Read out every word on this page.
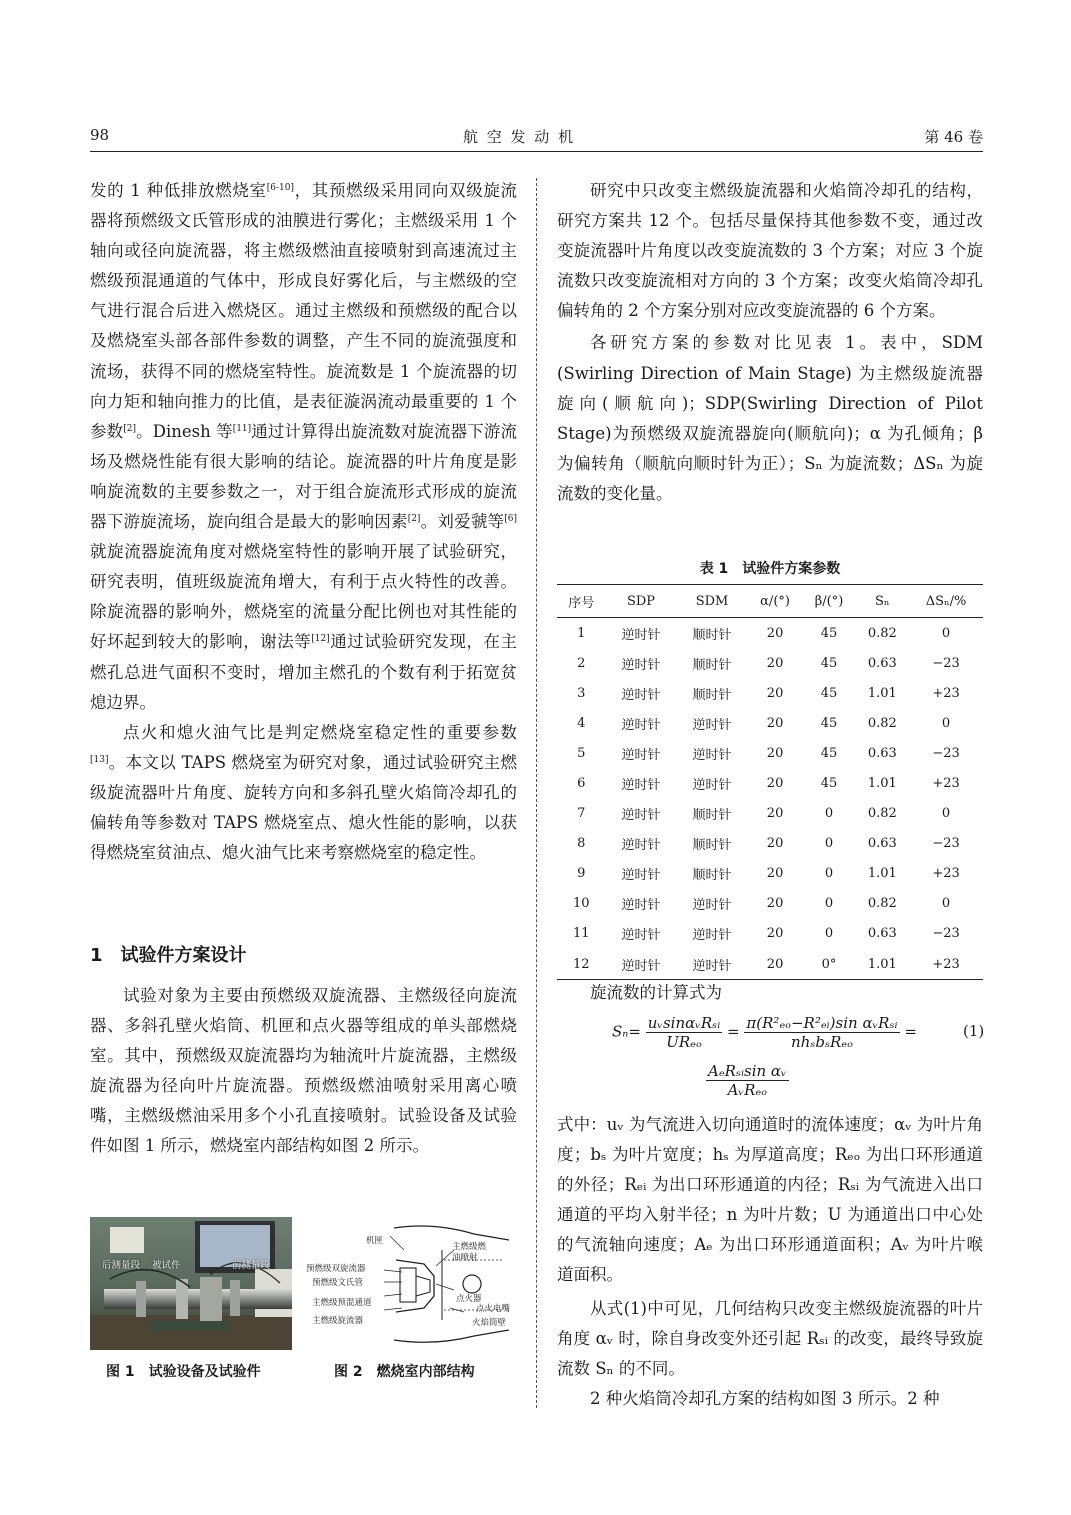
98	航 空 发 动 机	第 46 卷

发的 1 种低排放燃烧室[6-10]，其预燃级采用同向双级旋流器将预燃级文氏管形成的油膜进行雾化；主燃级采用 1 个轴向或径向旋流器，将主燃级燃油直接喷射到高速流过主燃级预混通道的气体中，形成良好雾化后，与主燃级的空气进行混合后进入燃烧区。通过主燃级和预燃级的配合以及燃烧室头部各部件参数的调整，产生不同的旋流强度和流场，获得不同的燃烧室特性。旋流数是 1 个旋流器的切向力矩和轴向推力的比值，是表征漩涡流动最重要的 1 个参数[2]。Dinesh 等[11]通过计算得出旋流数对旋流器下游流场及燃烧性能有很大影响的结论。旋流器的叶片角度是影响旋流数的主要参数之一，对于组合旋流形式形成的旋流器下游旋流场，旋向组合是最大的影响因素[2]。刘爱虢等[6]就旋流器旋流角度对燃烧室特性的影响开展了试验研究，研究表明，值班级旋流角增大，有利于点火特性的改善。除旋流器的影响外，燃烧室的流量分配比例也对其性能的好坏起到较大的影响，谢法等[12]通过试验研究发现，在主燃孔总进气面积不变时，增加主燃孔的个数有利于拓宽贫熄边界。

点火和熄火油气比是判定燃烧室稳定性的重要参数[13]。本文以 TAPS 燃烧室为研究对象，通过试验研究主燃级旋流器叶片角度、旋转方向和多斜孔壁火焰筒冷却孔的偏转角等参数对 TAPS 燃烧室点、熄火性能的影响，以获得燃烧室贫油点、熄火油气比来考察燃烧室的稳定性。

1　试验件方案设计

试验对象为主要由预燃级双旋流器、主燃级径向旋流器、多斜孔壁火焰筒、机匣和点火器等组成的单头部燃烧室。其中，预燃级双旋流器均为轴流叶片旋流器，主燃级旋流器为径向叶片旋流器。预燃级燃油喷射采用离心喷嘴，主燃级燃油采用多个小孔直接喷射。试验设备及试验件如图 1 所示，燃烧室内部结构如图 2 所示。

后测量段 被试件	前测量段
机匣
预燃级双旋流器
预燃级文氏管
主燃级预混通道
主燃级旋流器
主燃级燃油喷射
点火器
点火电嘴
火焰筒壁
图 1　试验设备及试验件	图 2　燃烧室内部结构

研究中只改变主燃级旋流器和火焰筒冷却孔的结构，研究方案共 12 个。包括尽量保持其他参数不变，通过改变旋流器叶片角度以改变旋流数的 3 个方案；对应 3 个旋流数只改变旋流相对方向的 3 个方案；改变火焰筒冷却孔偏转角的 2 个方案分别对应改变旋流器的 6 个方案。

各研究方案的参数对比见表 1。表中，SDM (Swirling Direction of Main Stage) 为主燃级旋流器旋向(顺航向)；SDP(Swirling Direction of Pilot Stage)为预燃级双旋流器旋向(顺航向)；α 为孔倾角；β 为偏转角（顺航向顺时针为正）；Sₙ 为旋流数；ΔSₙ 为旋流数的变化量。

表 1　试验件方案参数
序号	SDP	SDM	α/(°)	β/(°)	Sₙ	ΔSₙ/%
1	逆时针	顺时针	20	45	0.82	0
2	逆时针	顺时针	20	45	0.63	−23
3	逆时针	顺时针	20	45	1.01	+23
4	逆时针	逆时针	20	45	0.82	0
5	逆时针	逆时针	20	45	0.63	−23
6	逆时针	逆时针	20	45	1.01	+23
7	逆时针	顺时针	20	0	0.82	0
8	逆时针	顺时针	20	0	0.63	−23
9	逆时针	顺时针	20	0	1.01	+23
10	逆时针	逆时针	20	0	0.82	0
11	逆时针	逆时针	20	0	0.63	−23
12	逆时针	逆时针	20	0°	1.01	+23
旋流数的计算式为
$S_n= \frac{\text{uᵥsinαᵥRₛᵢ}}{\text{URₑₒ}} = \frac{\text{π(R²ₑₒ−R²ₑᵢ)sin αᵥRₛᵢ}}{\text{nhₛbₛRₑₒ}}$ =
$\frac{\text{AₑRₛᵢsin αᵥ}}{\text{AᵥRₑₒ}}$
(1)

式中：uᵥ 为气流进入切向通道时的流体速度；αᵥ 为叶片角度；bₛ 为叶片宽度；hₛ 为厚道高度；Rₑₒ 为出口环形通道的外径；Rₑᵢ 为出口环形通道的内径；Rₛᵢ 为气流进入出口通道的平均入射半径；n 为叶片数；U 为通道出口中心处的气流轴向速度；Aₑ 为出口环形通道面积；Aᵥ 为叶片喉道面积。

从式(1)中可见，几何结构只改变主燃级旋流器的叶片角度 αᵥ 时，除自身改变外还引起 Rₛᵢ 的改变，最终导致旋流数 Sₙ 的不同。

2 种火焰筒冷却孔方案的结构如图 3 所示。2 种
